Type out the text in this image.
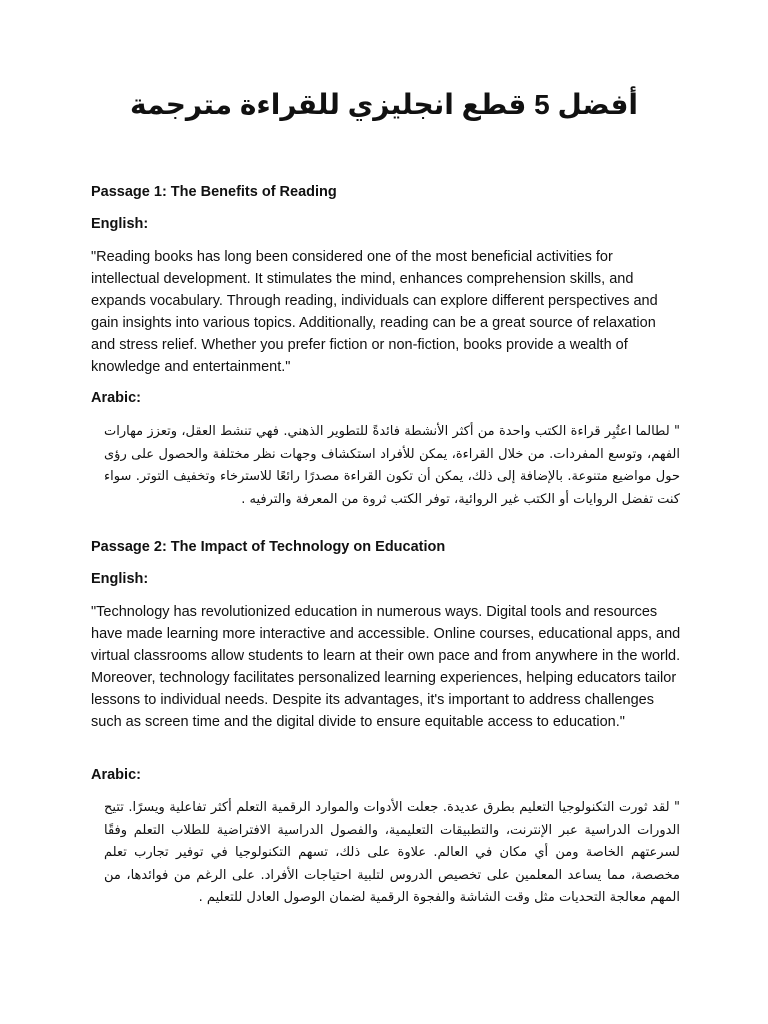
أفضل 5 قطع انجليزي للقراءة مترجمة

Passage 1: The Benefits of Reading

English:

"Reading books has long been considered one of the most beneficial activities for intellectual development. It stimulates the mind, enhances comprehension skills, and expands vocabulary. Through reading, individuals can explore different perspectives and gain insights into various topics. Additionally, reading can be a great source of relaxation and stress relief. Whether you prefer fiction or non-fiction, books provide a wealth of knowledge and entertainment."

Arabic:

" لطالما اعتُبِر قراءة الكتب واحدة من أكثر الأنشطة فائدةً للتطوير الذهني. فهي تنشط العقل، وتعزز مهارات الفهم، وتوسع المفردات. من خلال القراءة، يمكن للأفراد استكشاف وجهات نظر مختلفة والحصول على رؤى حول مواضيع متنوعة. بالإضافة إلى ذلك، يمكن أن تكون القراءة مصدرًا رائعًا للاسترخاء وتخفيف التوتر. سواء كنت تفضل الروايات أو الكتب غير الروائية، توفر الكتب ثروة من المعرفة والترفيه .

Passage 2: The Impact of Technology on Education

English:

"Technology has revolutionized education in numerous ways. Digital tools and resources have made learning more interactive and accessible. Online courses, educational apps, and virtual classrooms allow students to learn at their own pace and from anywhere in the world. Moreover, technology facilitates personalized learning experiences, helping educators tailor lessons to individual needs. Despite its advantages, it's important to address challenges such as screen time and the digital divide to ensure equitable access to education."

Arabic:

" لقد ثورت التكنولوجيا التعليم بطرق عديدة. جعلت الأدوات والموارد الرقمية التعلم أكثر تفاعلية ويسرًا. تتيح الدورات الدراسية عبر الإنترنت، والتطبيقات التعليمية، والفصول الدراسية الافتراضية للطلاب التعلم وفقًا لسرعتهم الخاصة ومن أي مكان في العالم. علاوة على ذلك، تسهم التكنولوجيا في توفير تجارب تعلم مخصصة، مما يساعد المعلمين على تخصيص الدروس لتلبية احتياجات الأفراد. على الرغم من فوائدها، من المهم معالجة التحديات مثل وقت الشاشة والفجوة الرقمية لضمان الوصول العادل للتعليم .
